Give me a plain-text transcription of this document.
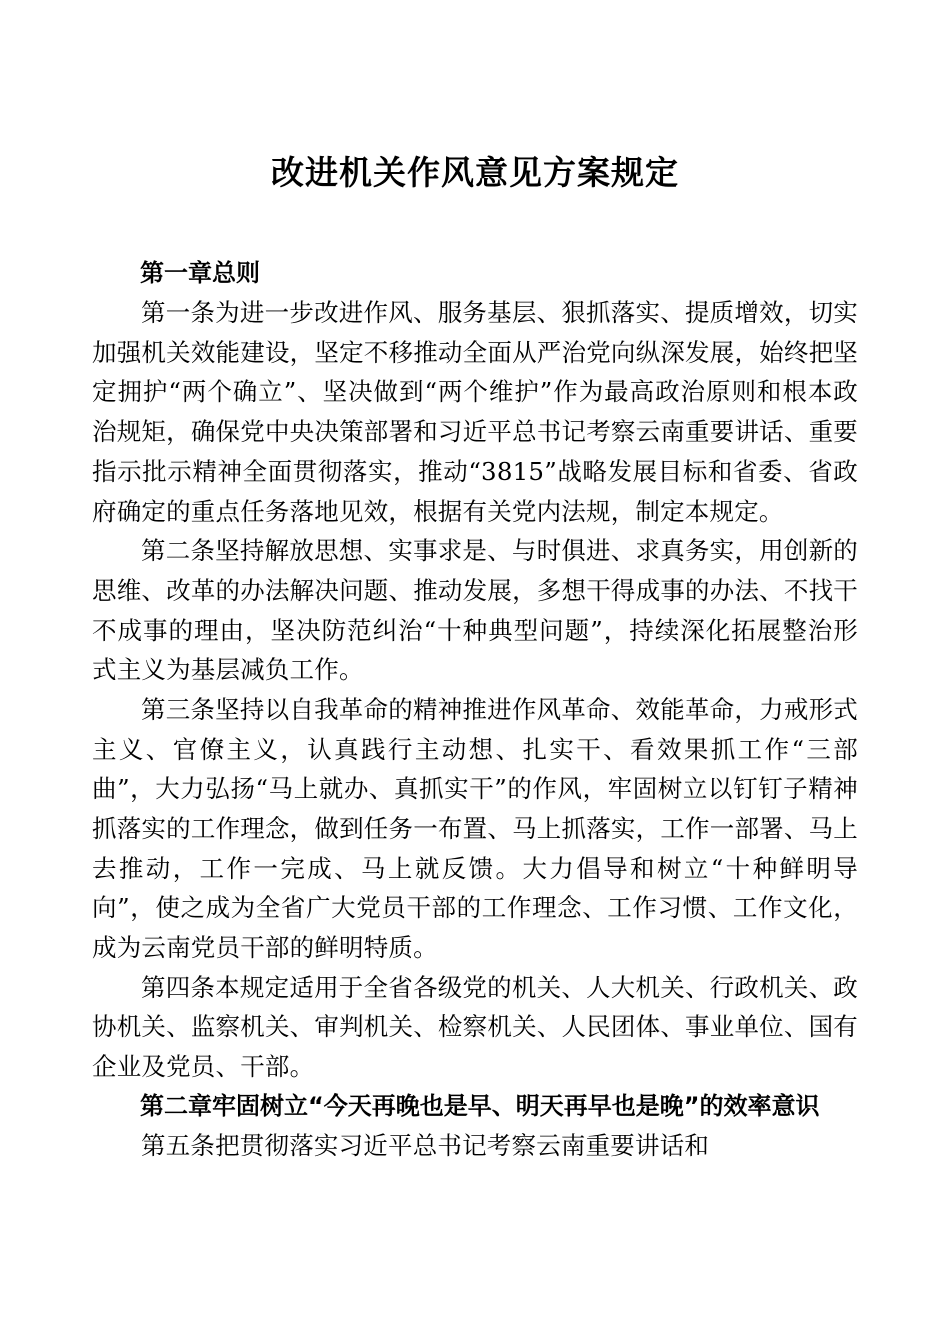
改进机关作风意见方案规定

第一章总则

第一条为进一步改进作风、服务基层、狠抓落实、提质增效，切实加强机关效能建设，坚定不移推动全面从严治党向纵深发展，始终把坚定拥护“两个确立”、坚决做到“两个维护”作为最高政治原则和根本政治规矩，确保党中央决策部署和习近平总书记考察云南重要讲话、重要指示批示精神全面贯彻落实，推动“3815”战略发展目标和省委、省政府确定的重点任务落地见效，根据有关党内法规，制定本规定。

第二条坚持解放思想、实事求是、与时俱进、求真务实，用创新的思维、改革的办法解决问题、推动发展，多想干得成事的办法、不找干不成事的理由，坚决防范纠治“十种典型问题”，持续深化拓展整治形式主义为基层减负工作。

第三条坚持以自我革命的精神推进作风革命、效能革命，力戒形式主义、官僚主义，认真践行主动想、扎实干、看效果抓工作“三部曲”，大力弘扬“马上就办、真抓实干”的作风，牢固树立以钉钉子精神抓落实的工作理念，做到任务一布置、马上抓落实，工作一部署、马上去推动，工作一完成、马上就反馈。大力倡导和树立“十种鲜明导向”，使之成为全省广大党员干部的工作理念、工作习惯、工作文化，成为云南党员干部的鲜明特质。

第四条本规定适用于全省各级党的机关、人大机关、行政机关、政协机关、监察机关、审判机关、检察机关、人民团体、事业单位、国有企业及党员、干部。

第二章牢固树立“今天再晚也是早、明天再早也是晚”的效率意识

第五条把贯彻落实习近平总书记考察云南重要讲话和
